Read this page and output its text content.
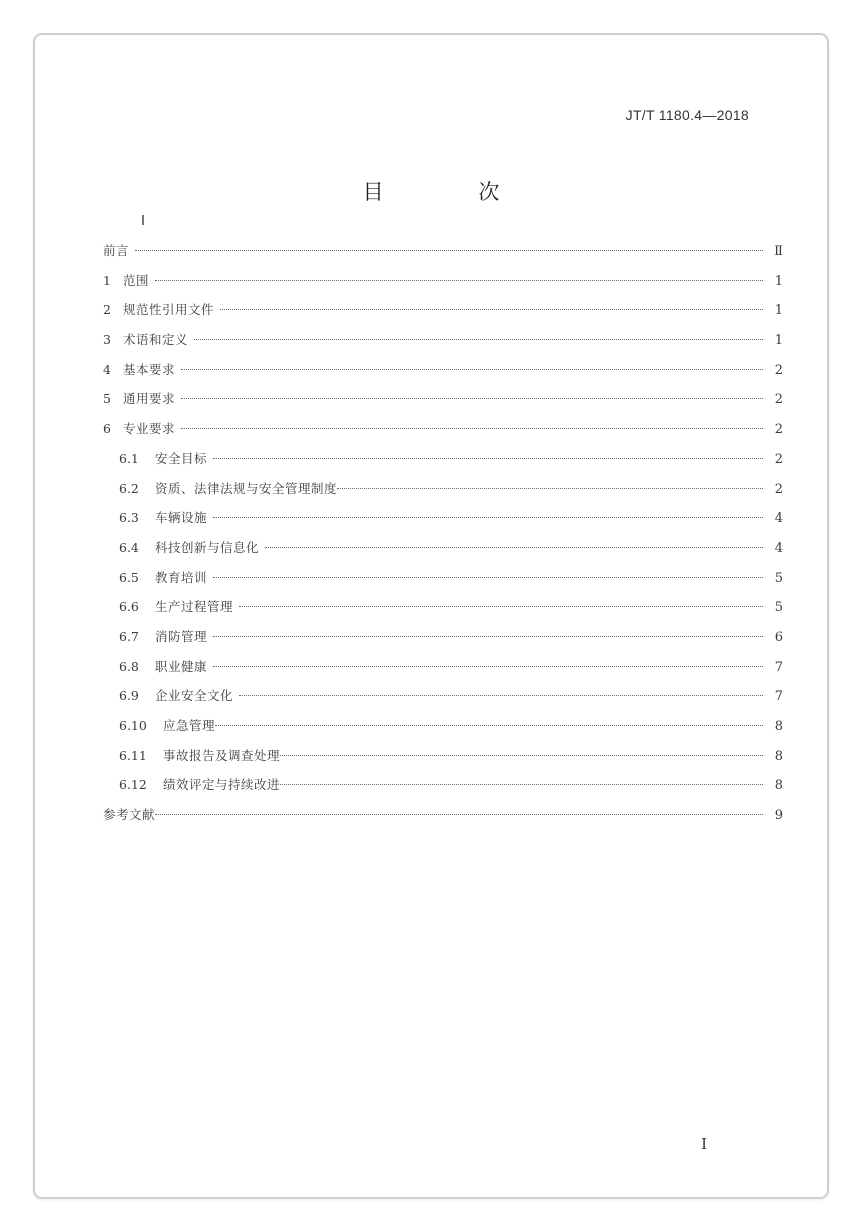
JT/T 1180.4—2018
目 次
前言	Ⅱ
1 范围	1
2 规范性引用文件	1
3 术语和定义	1
4 基本要求	2
5 通用要求	2
6 专业要求	2
6.1	安全目标	2
6.2	资质、法律法规与安全管理制度	2
6.3	车辆设施	4
6.4	科技创新与信息化	4
6.5	教育培训	5
6.6	生产过程管理	5
6.7	消防管理	6
6.8	职业健康	7
6.9	企业安全文化	7
6.10	应急管理	8
6.11	事故报告及调查处理	8
6.12	绩效评定与持续改进	8
参考文献	9
I
